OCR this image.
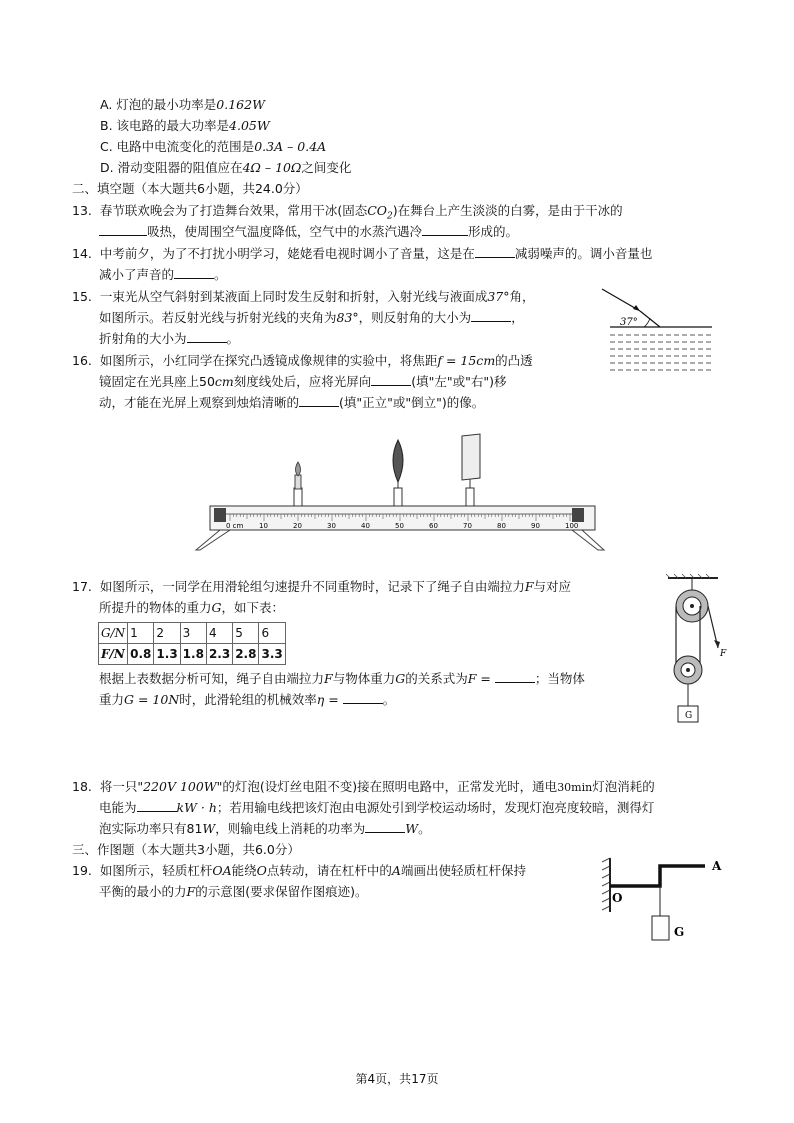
A. 灯泡的最小功率是0.162W
B. 该电路的最大功率是4.05W
C. 电路中电流变化的范围是0.3A – 0.4A
D. 滑动变阻器的阻值应在4Ω – 10Ω之间变化
二、填空题（本大题共6小题，共24.0分）
13. 春节联欢晚会为了打造舞台效果，常用干冰(固态$CO_2$)在舞台上产生淡淡的白雾，是由于干冰的
吸热，使周围空气温度降低，空气中的水蒸汽遇冷	形成的。
14. 中考前夕，为了不打扰小明学习，姥姥看电视时调小了音量，这是在	减弱噪声的。调小音量也
减小了声音的	。
15. 一束光从空气斜射到某液面上同时发生反射和折射，入射光线与液面成37°角，
如图所示。若反射光线与折射光线的夹角为83°，则反射角的大小为	，
折射角的大小为	。
37°
16. 如图所示，小红同学在探究凸透镜成像规律的实验中，将焦距f = 15cm的凸透
镜固定在光具座上50cm刻度线处后，应将光屏向	(填"左"或"右")移
动，才能在光屏上观察到烛焰清晰的	(填"正立"或"倒立")的像。
0 cm 10	20	30	40	50	60	70	80	90	100
17. 如图所示，一同学在用滑轮组匀速提升不同重物时，记录下了绳子自由端拉力F与对应
所提升的物体的重力G，如下表：
G/N	1	2	3	4	5	6
F/N	0.8	1.3	1.8	2.3	2.8	3.3
根据上表数据分析可知，绳子自由端拉力F与物体重力G的关系式为F =	；当物体
重力G = 10N时，此滑轮组的机械效率η =	。
F
G
18. 将一只"220V 100W"的灯泡(设灯丝电阻不变)接在照明电路中，正常发光时，通电30min灯泡消耗的
电能为	kW · h；若用输电线把该灯泡由电源处引到学校运动场时，发现灯泡亮度较暗，测得灯
泡实际功率只有81W，则输电线上消耗的功率为	W。
三、作图题（本大题共3小题，共6.0分）
19. 如图所示，轻质杠杆OA能绕O点转动，请在杠杆中的A端画出使轻质杠杆保持
平衡的最小的力F的示意图(要求保留作图痕迹)。
A
O
G
第4页，共17页
